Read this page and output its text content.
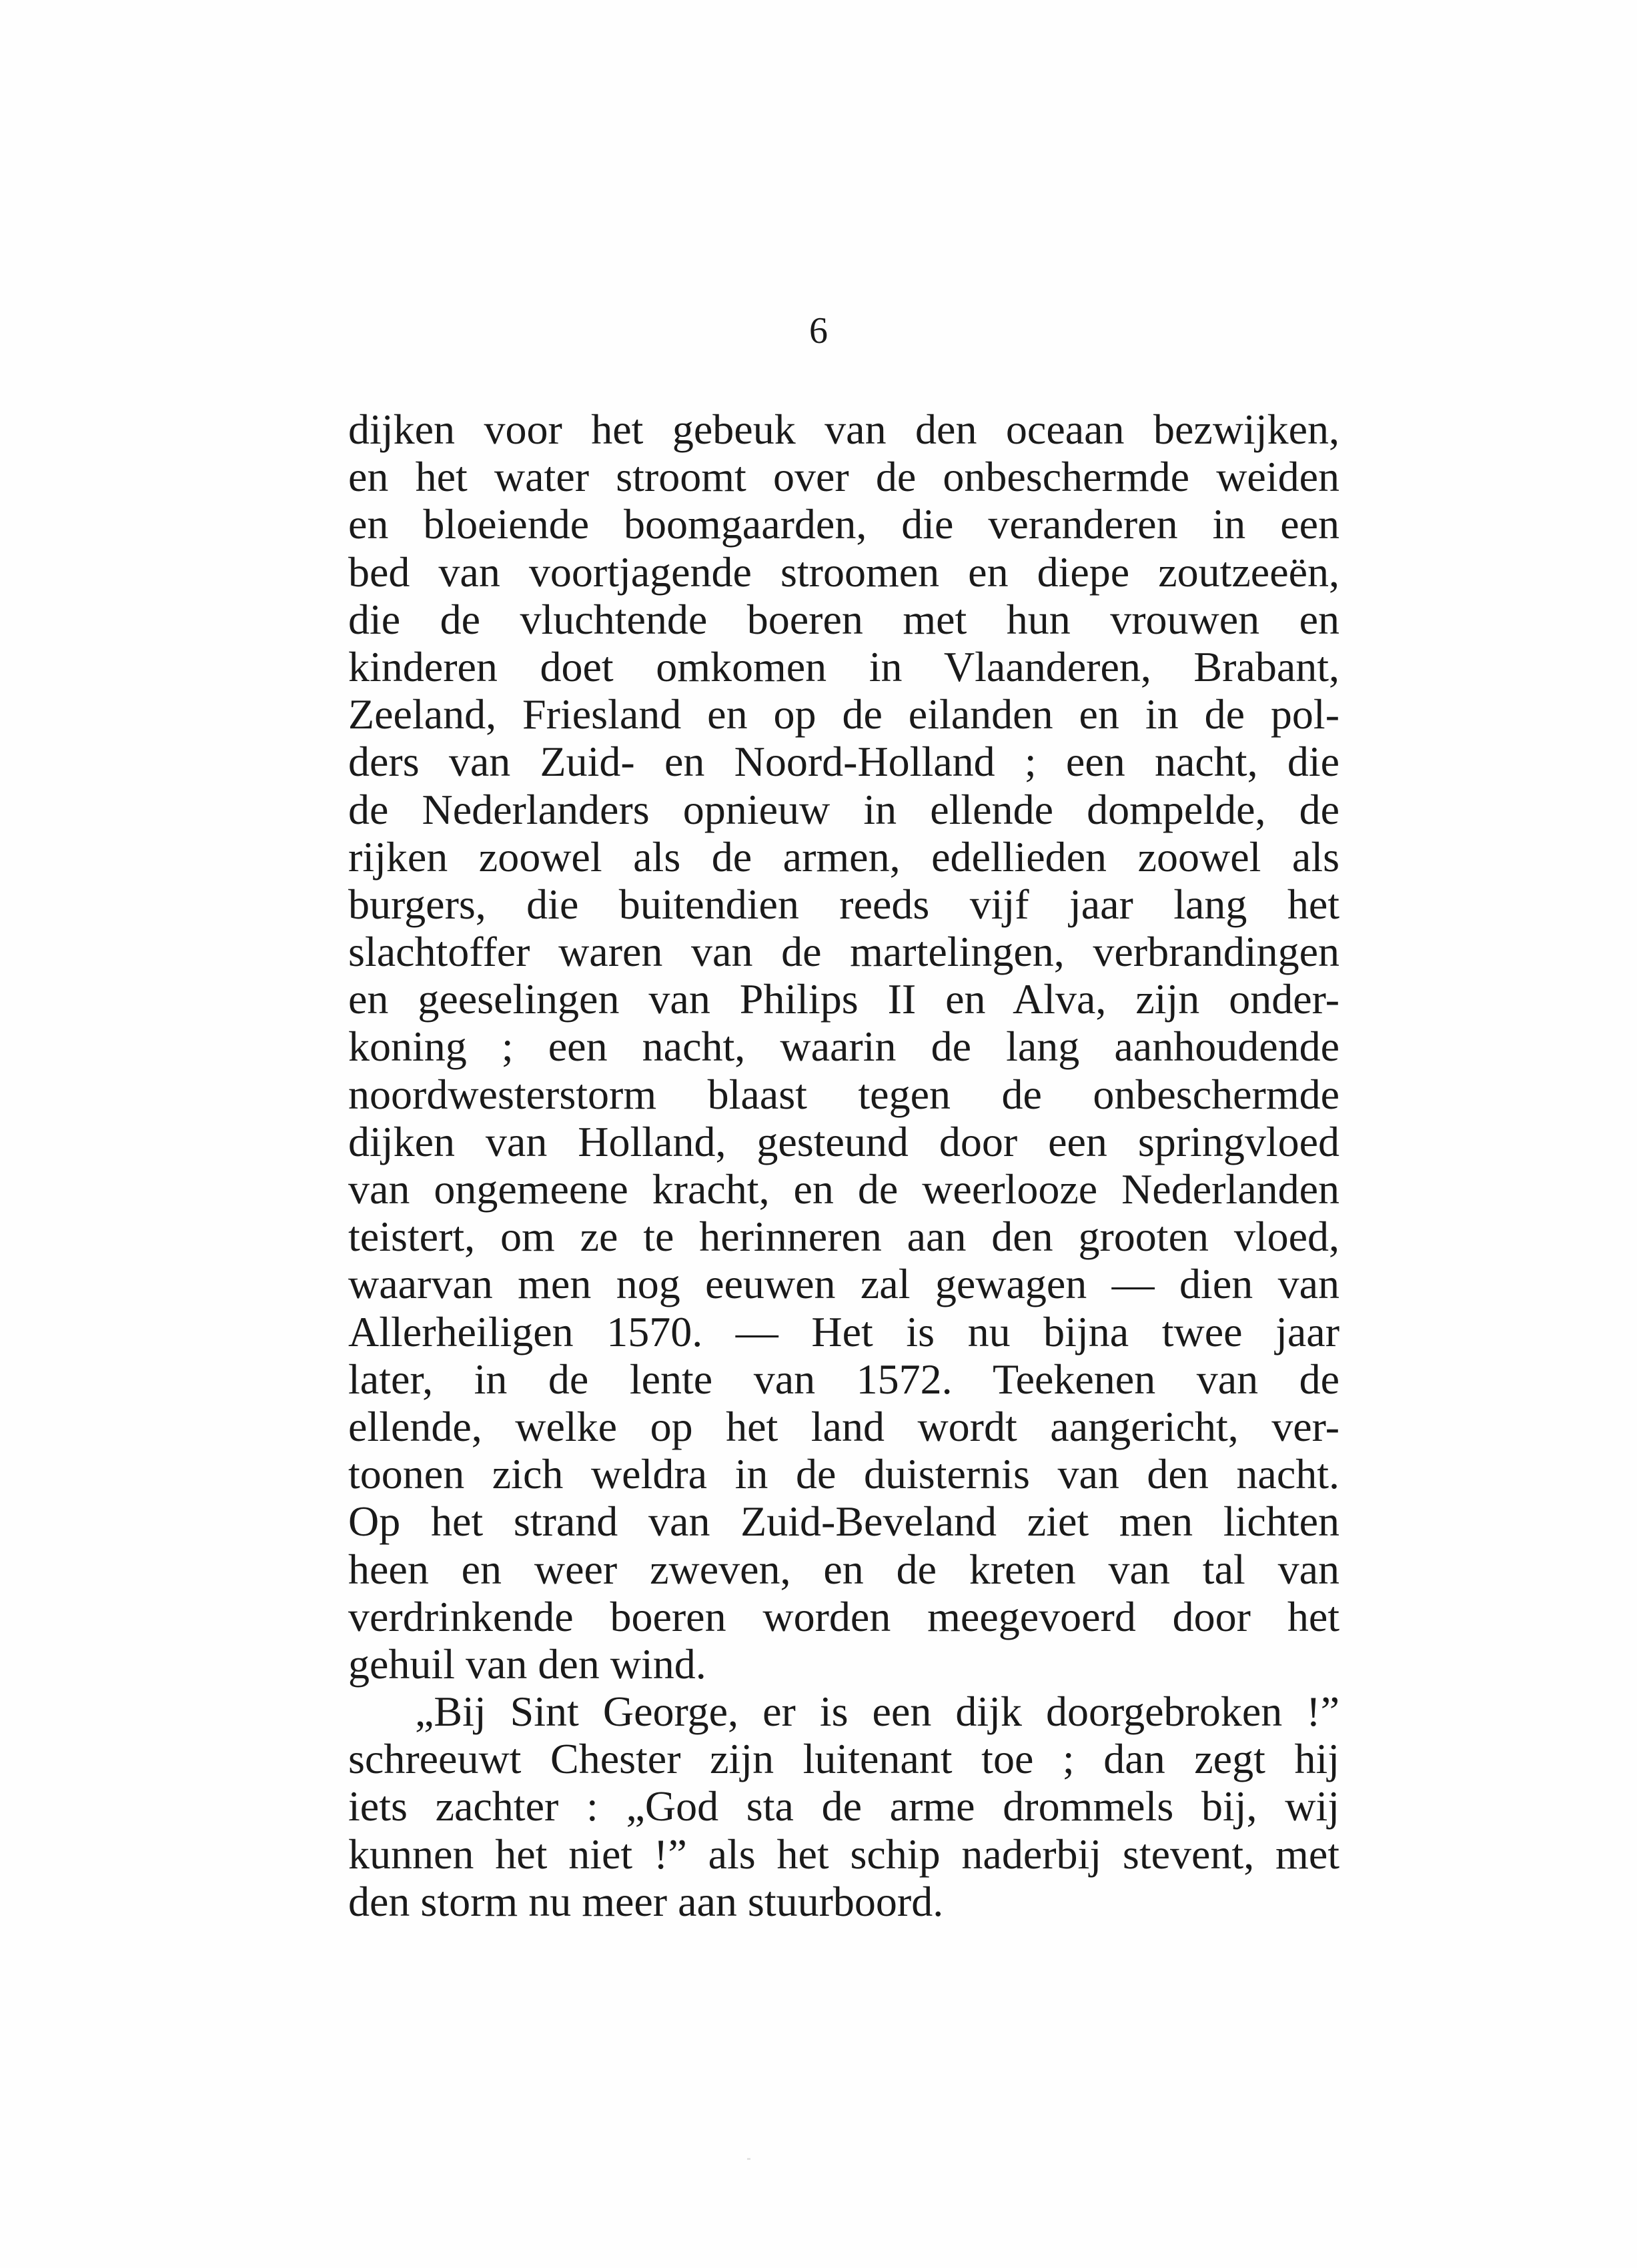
6
dijken voor het gebeuk van den oceaan bezwijken,
en het water stroomt over de onbeschermde weiden
en bloeiende boomgaarden, die veranderen in een
bed van voortjagende stroomen en diepe zoutzeeën,
die de vluchtende boeren met hun vrouwen en
kinderen doet omkomen in Vlaanderen, Brabant,
Zeeland, Friesland en op de eilanden en in de pol-
ders van Zuid- en Noord-Holland ; een nacht, die
de Nederlanders opnieuw in ellende dompelde, de
rijken zoowel als de armen, edellieden zoowel als
burgers, die buitendien reeds vijf jaar lang het
slachtoffer waren van de martelingen, verbrandingen
en geeselingen van Philips II en Alva, zijn onder-
koning ; een nacht, waarin de lang aanhoudende
noordwesterstorm blaast tegen de onbeschermde
dijken van Holland, gesteund door een springvloed
van ongemeene kracht, en de weerlooze Nederlanden
teistert, om ze te herinneren aan den grooten vloed,
waarvan men nog eeuwen zal gewagen — dien van
Allerheiligen 1570. — Het is nu bijna twee jaar
later, in de lente van 1572. Teekenen van de
ellende, welke op het land wordt aangericht, ver-
toonen zich weldra in de duisternis van den nacht.
Op het strand van Zuid-Beveland ziet men lichten
heen en weer zweven, en de kreten van tal van
verdrinkende boeren worden meegevoerd door het
gehuil van den wind.
„Bij Sint George, er is een dijk doorgebroken !”
schreeuwt Chester zijn luitenant toe ; dan zegt hij
iets zachter : „God sta de arme drommels bij, wij
kunnen het niet !” als het schip naderbij stevent, met
den storm nu meer aan stuurboord.
